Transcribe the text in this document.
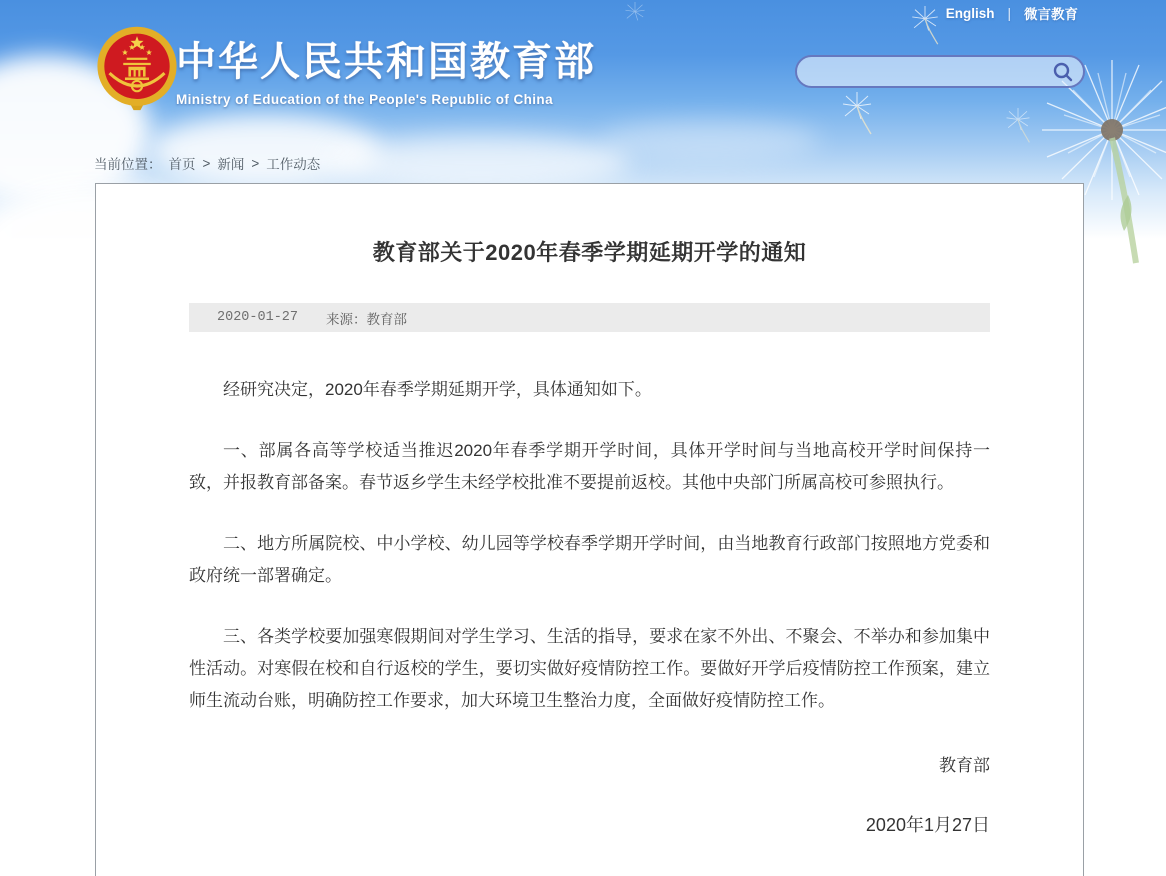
English | 微言教育
中华人民共和国教育部
Ministry of Education of the People's Republic of China
当前位置： 首页 > 新闻 > 工作动态
教育部关于2020年春季学期延期开学的通知
2020-01-27 来源：教育部

经研究决定，2020年春季学期延期开学，具体通知如下。

一、部属各高等学校适当推迟2020年春季学期开学时间，具体开学时间与当地高校开学时间保持一致，并报教育部备案。春节返乡学生未经学校批准不要提前返校。其他中央部门所属高校可参照执行。

二、地方所属院校、中小学校、幼儿园等学校春季学期开学时间，由当地教育行政部门按照地方党委和政府统一部署确定。

三、各类学校要加强寒假期间对学生学习、生活的指导，要求在家不外出、不聚会、不举办和参加集中性活动。对寒假在校和自行返校的学生，要切实做好疫情防控工作。要做好开学后疫情防控工作预案，建立师生流动台账，明确防控工作要求，加大环境卫生整治力度，全面做好疫情防控工作。

教育部
2020年1月27日
